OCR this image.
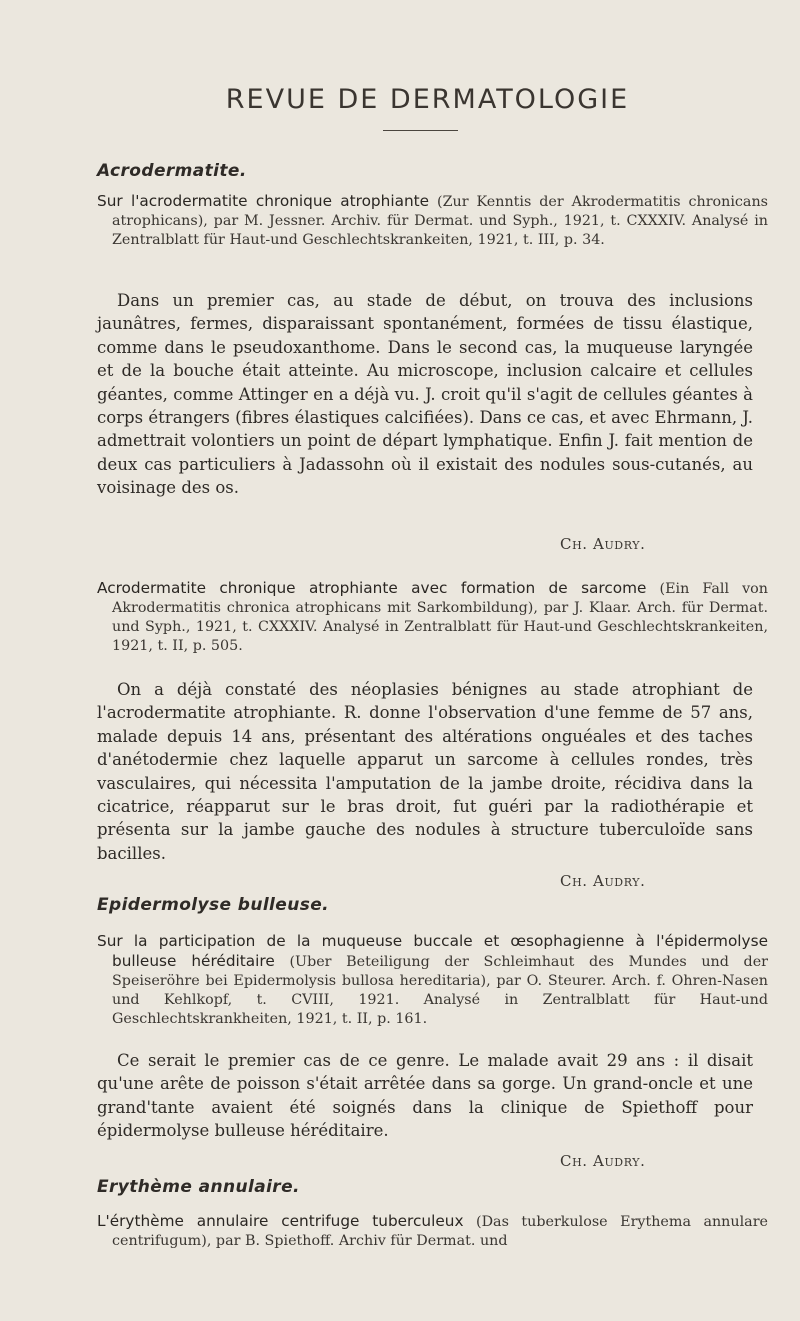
REVUE DE DERMATOLOGIE
Acrodermatite.
Sur l'acrodermatite chronique atrophiante (Zur Kenntis der Akrodermatitis chronicans atrophicans), par M. Jessner. Archiv. für Dermat. und Syph., 1921, t. CXXXIV. Analysé in Zentralblatt für Haut-und Geschlechtskrankeiten, 1921, t. III, p. 34.
Dans un premier cas, au stade de début, on trouva des inclusions jaunâtres, fermes, disparaissant spontanément, formées de tissu élastique, comme dans le pseudoxanthome. Dans le second cas, la muqueuse laryngée et de la bouche était atteinte. Au microscope, inclusion calcaire et cellules géantes, comme Attinger en a déjà vu. J. croit qu'il s'agit de cellules géantes à corps étrangers (fibres élastiques calcifiées). Dans ce cas, et avec Ehrmann, J. admettrait volontiers un point de départ lymphatique. Enfin J. fait mention de deux cas particuliers à Jadassohn où il existait des nodules sous-cutanés, au voisinage des os.
Ch. Audry.
Acrodermatite chronique atrophiante avec formation de sarcome (Ein Fall von Akrodermatitis chronica atrophicans mit Sarkombildung), par J. Klaar. Arch. für Dermat. und Syph., 1921, t. CXXXIV. Analysé in Zentralblatt für Haut-und Geschlechtskrankeiten, 1921, t. II, p. 505.
On a déjà constaté des néoplasies bénignes au stade atrophiant de l'acrodermatite atrophiante. R. donne l'observation d'une femme de 57 ans, malade depuis 14 ans, présentant des altérations onguéales et des taches d'anétodermie chez laquelle apparut un sarcome à cellules rondes, très vasculaires, qui nécessita l'amputation de la jambe droite, récidiva dans la cicatrice, réapparut sur le bras droit, fut guéri par la radiothérapie et présenta sur la jambe gauche des nodules à structure tuberculoïde sans bacilles.
Ch. Audry.
Epidermolyse bulleuse.
Sur la participation de la muqueuse buccale et œsophagienne à l'épidermolyse bulleuse héréditaire (Uber Beteiligung der Schleimhaut des Mundes und der Speiseröhre bei Epidermolysis bullosa hereditaria), par O. Steurer. Arch. f. Ohren-Nasen und Kehlkopf, t. CVIII, 1921. Analysé in Zentralblatt für Haut-und Geschlechtskrankheiten, 1921, t. II, p. 161.
Ce serait le premier cas de ce genre. Le malade avait 29 ans : il disait qu'une arête de poisson s'était arrêtée dans sa gorge. Un grand-oncle et une grand'tante avaient été soignés dans la clinique de Spiethoff pour épidermolyse bulleuse héréditaire.
Ch. Audry.
Erythème annulaire.
L'érythème annulaire centrifuge tuberculeux (Das tuberkulose Erythema annulare centrifugum), par B. Spiethoff. Archiv für Dermat. und
